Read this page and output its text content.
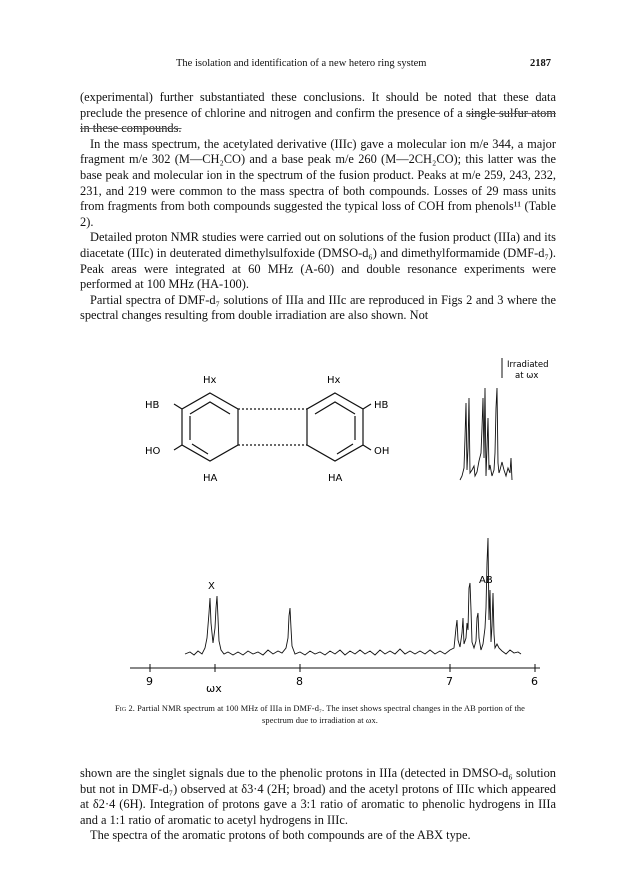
The isolation and identification of a new hetero ring system	2187

(experimental) further substantiated these conclusions. It should be noted that these data preclude the presence of chlorine and nitrogen and confirm the presence of a single sulfur atom in these compounds.

In the mass spectrum, the acetylated derivative (IIIc) gave a molecular ion m/e 344, a major fragment m/e 302 (M—CH₂CO) and a base peak m/e 260 (M—2CH₂CO); this latter was the base peak and molecular ion in the spectrum of the fusion product. Peaks at m/e 259, 243, 232, 231, and 219 were common to the mass spectra of both compounds. Losses of 29 mass units from fragments from both compounds suggested the typical loss of COH from phenols¹¹ (Table 2).

Detailed proton NMR studies were carried out on solutions of the fusion product (IIIa) and its diacetate (IIIc) in deuterated dimethylsulfoxide (DMSO-d₆) and dimethylformamide (DMF-d₇). Peak areas were integrated at 60 MHz (A-60) and double resonance experiments were performed at 100 MHz (HA-100).

Partial spectra of DMF-d₇ solutions of IIIa and IIIc are reproduced in Figs 2 and 3 where the spectral changes resulting from double irradiation are also shown. Not

Hx	Hx
HB	HB
HO	OH
HA	HA
Irradiated
at ωx
X
AB
9	8	7	6
ωx
Fig 2. Partial NMR spectrum at 100 MHz of IIIa in DMF-d₇. The inset shows spectral changes in the AB portion of the spectrum due to irradiation at ωx.

shown are the singlet signals due to the phenolic protons in IIIa (detected in DMSO-d₆ solution but not in DMF-d₇) observed at δ3·4 (2H; broad) and the acetyl protons of IIIc which appeared at δ2·4 (6H). Integration of protons gave a 3:1 ratio of aromatic to phenolic hydrogens in IIIa and a 1:1 ratio of aromatic to acetyl hydrogens in IIIc.

The spectra of the aromatic protons of both compounds are of the ABX type.
